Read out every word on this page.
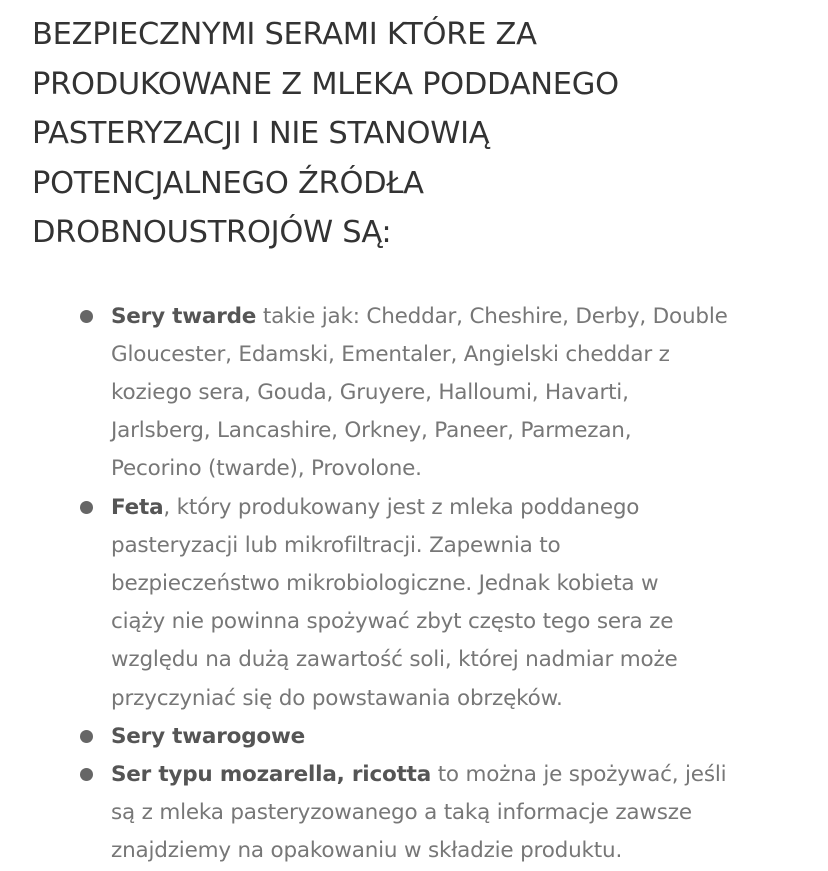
BEZPIECZNYMI SERAMI KTÓRE ZA
PRODUKOWANE Z MLEKA PODDANEGO
PASTERYZACJI I NIE STANOWIĄ
POTENCJALNEGO ŹRÓDŁA
DROBNOUSTROJÓW SĄ:
Sery twarde takie jak: Cheddar, Cheshire, Derby, Double
Gloucester, Edamski, Ementaler, Angielski cheddar z
koziego sera, Gouda, Gruyere, Halloumi, Havarti,
Jarlsberg, Lancashire, Orkney, Paneer, Parmezan,
Pecorino (twarde), Provolone.
Feta, który produkowany jest z mleka poddanego
pasteryzacji lub mikrofiltracji. Zapewnia to
bezpieczeństwo mikrobiologiczne. Jednak kobieta w
ciąży nie powinna spożywać zbyt często tego sera ze
względu na dużą zawartość soli, której nadmiar może
przyczyniać się do powstawania obrzęków.
Sery twarogowe
Ser typu mozarella, ricotta to można je spożywać, jeśli
są z mleka pasteryzowanego a taką informacje zawsze
znajdziemy na opakowaniu w składzie produktu.
